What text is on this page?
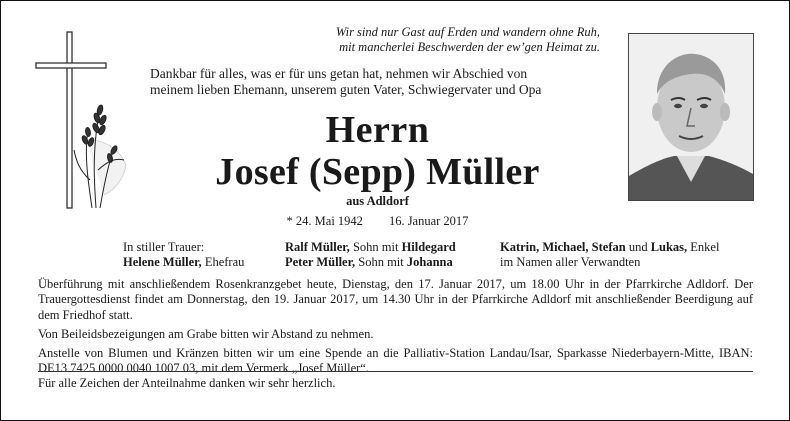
Wir sind nur Gast auf Erden und wandern ohne Ruh,
mit mancherlei Beschwerden der ew’gen Heimat zu.
Dankbar für alles, was er für uns getan hat, nehmen wir Abschied von
meinem lieben Ehemann, unserem guten Vater, Schwiegervater und Opa
Herrn
Josef (Sepp) Müller
aus Adldorf
* 24. Mai 1942 16. Januar 2017
In stiller Trauer:
Helene Müller, Ehefrau
Ralf Müller, Sohn mit Hildegard
Peter Müller, Sohn mit Johanna
Katrin, Michael, Stefan und Lukas, Enkel
im Namen aller Verwandten

Überführung mit anschließendem Rosenkranzgebet heute, Dienstag, den 17. Januar 2017, um 18.00 Uhr in der Pfarrkirche Adldorf. Der Trauergottesdienst findet am Donnerstag, den 19. Januar 2017, um 14.30 Uhr in der Pfarrkirche Adldorf mit anschließender Beerdigung auf dem Friedhof statt.

Von Beileidsbezeigungen am Grabe bitten wir Abstand zu nehmen.

Anstelle von Blumen und Kränzen bitten wir um eine Spende an die Palliativ-Station Landau/Isar, Sparkasse Niederbayern-Mitte, IBAN: DE13 7425 0000 0040 1007 03, mit dem Vermerk „Josef Müller“.

Für alle Zeichen der Anteilnahme danken wir sehr herzlich.
